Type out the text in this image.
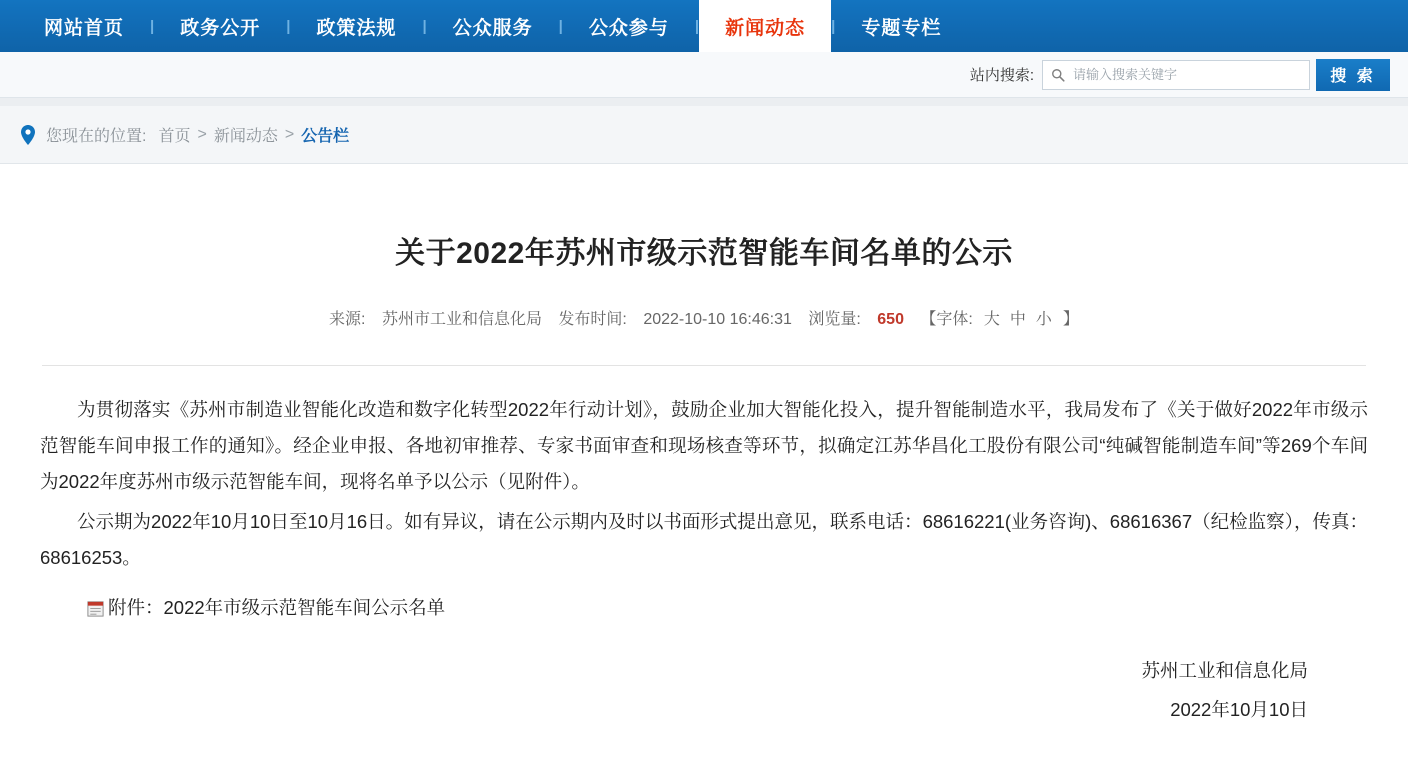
网站首页	|	政务公开	|	政策法规	|	公众服务	|	公众参与	|	新闻动态	|	专题专栏
站内搜索:
请输入搜索关键字	搜 索
您现在的位置: 首页 > 新闻动态 > 公告栏
关于2022年苏州市级示范智能车间名单的公示
来源: 苏州市工业和信息化局 发布时间: 2022-10-10 16:46:31 浏览量: 650 【字体: 大 中 小 】

为贯彻落实《苏州市制造业智能化改造和数字化转型2022年行动计划》，鼓励企业加大智能化投入，提升智能制造水平，我局发布了《关于做好2022年市级示范智能车间申报工作的通知》。经企业申报、各地初审推荐、专家书面审查和现场核查等环节，拟确定江苏华昌化工股份有限公司“纯碱智能制造车间”等269个车间为2022年度苏州市级示范智能车间，现将名单予以公示（见附件）。

公示期为2022年10月10日至10月16日。如有异议，请在公示期内及时以书面形式提出意见，联系电话：68616221(业务咨询)、68616367（纪检监察），传真：68616253。

附件： 2022年市级示范智能车间公示名单
苏州工业和信息化局
2022年10月10日
